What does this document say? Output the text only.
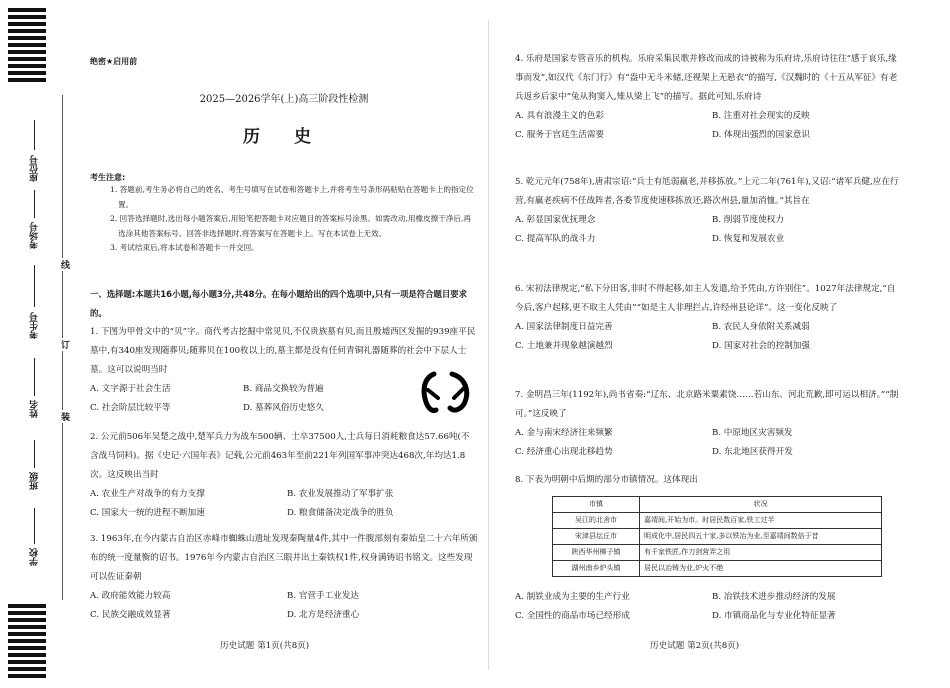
座位号
考场号
考生号
姓名
班级
学校
线
订
装
绝密★启用前
2025—2026学年(上)高三阶段性检测
历 史
考生注意:

1. 答题前,考生务必将自己的姓名、考生号填写在试卷和答题卡上,并将考生号条形码粘贴在答题卡上的指定位置。

2. 回答选择题时,选出每小题答案后,用铅笔把答题卡对应题目的答案标号涂黑。如需改动,用橡皮擦干净后,再选涂其他答案标号。回答非选择题时,将答案写在答题卡上。写在本试卷上无效。

3. 考试结束后,将本试卷和答题卡一并交回。

一、选择题:本题共16小题,每小题3分,共48分。在每小题给出的四个选项中,只有一项是符合题目要求的。

1. 下图为甲骨文中的“贝”字。商代考古挖掘中常见贝,不仅贵族墓有贝,而且殷墟西区发掘的939座平民墓中,有340座发现随葬贝;随葬贝在100枚以上的,墓主都是没有任何青铜礼器随葬的社会中下层人士墓。这可以说明当时

A. 文字源于社会生活	B. 商品交换较为普遍
C. 社会阶层比较平等	D. 墓葬风俗历史悠久

2. 公元前506年吴楚之战中,楚军兵力为战车500辆、士卒37500人,士兵每日消耗粮食达57.66吨(不含战马饲料)。据《史记·六国年表》记载,公元前463年至前221年列国军事冲突达468次,年均达1.8次。这反映出当时

A. 农业生产对战争的有力支撑	B. 农业发展推动了军事扩张
C. 国家大一统的进程不断加速	D. 粮食储备决定战争的胜负

3. 1963年,在今内蒙古自治区赤峰市蜘蛛山遗址发现秦陶量4件,其中一件腹部刻有秦始皇二十六年所颁布的统一度量衡的诏书。1976年今内蒙古自治区三眼井出土秦铁权1件,权身满铸诏书铭文。这些发现可以佐证秦朝

A. 政府能效能力较高	B. 官营手工业发达
C. 民族交融成效显著	D. 北方是经济重心
历史试题 第1页(共8页)

4. 乐府是国家专管音乐的机构。乐府采集民歌并修改而成的诗被称为乐府诗,乐府诗往往“感于哀乐,缘事而发”,如汉代《东门行》有“盎中无斗米储,还视架上无悬衣”的描写,《汉魏时的《十五从军征》有老兵返乡后家中“兔从狗窦入,雉从梁上飞”的描写。据此可知,乐府诗

A. 具有浪漫主义的色彩	B. 注重对社会现实的反映
C. 服务于宫廷生活需要	D. 体现出强烈的国家意识

5. 乾元元年(758年),唐肃宗诏:“兵士有尪弱羸老,并移拣放。”上元二年(761年),又诏:“诸军兵健,应在行营,有羸老疾病不任战阵者,各委节度使速移拣放还,路次州县,量加消恤。”其旨在

A. 彰显国家优抚理念	B. 削弱节度使权力
C. 提高军队的战斗力	D. 恢复和发展农业

6. 宋初法律规定,“私下分田客,非时不得起移,如主人发遣,给予凭由,方许别住”。1027年法律规定,“自今后,客户起移,更不取主人凭由”“如是主人非理拦占,许经州县论详”。这一变化反映了

A. 国家法律制度日益完善	B. 农民人身依附关系减弱
C. 土地兼并现象越演越烈	D. 国家对社会的控制加强

7. 金明昌三年(1192年),尚书省奏:“辽东、北京路米粟素饶……若山东、河北荒歉,即可运以相济。”“制可。”这反映了

A. 金与南宋经济往来频繁	B. 中原地区灾害频发
C. 经济重心出现北移趋势	D. 东北地区获得开发

8. 下表为明朝中后期的部分市镇情况。这体现出

市镇	状况
吴江的北舍市	嘉靖间,开始为市。时居民数百家,铁工过半
宋津县坛丘市	明成化中,居民四五十家,多以铁冶为业,至嘉靖间数倍于昔
陕西华州柳子镇	有千家铁匠,作刀剑营弄之用
湖州南乡炉头镇	居民以冶铸为业,炉火不绝
A. 制铁业成为主要的生产行业	B. 冶铁技术进步推动经济的发展
C. 全国性的商品市场已经形成	D. 市镇商品化与专业化特征显著
历史试题 第2页(共8页)
